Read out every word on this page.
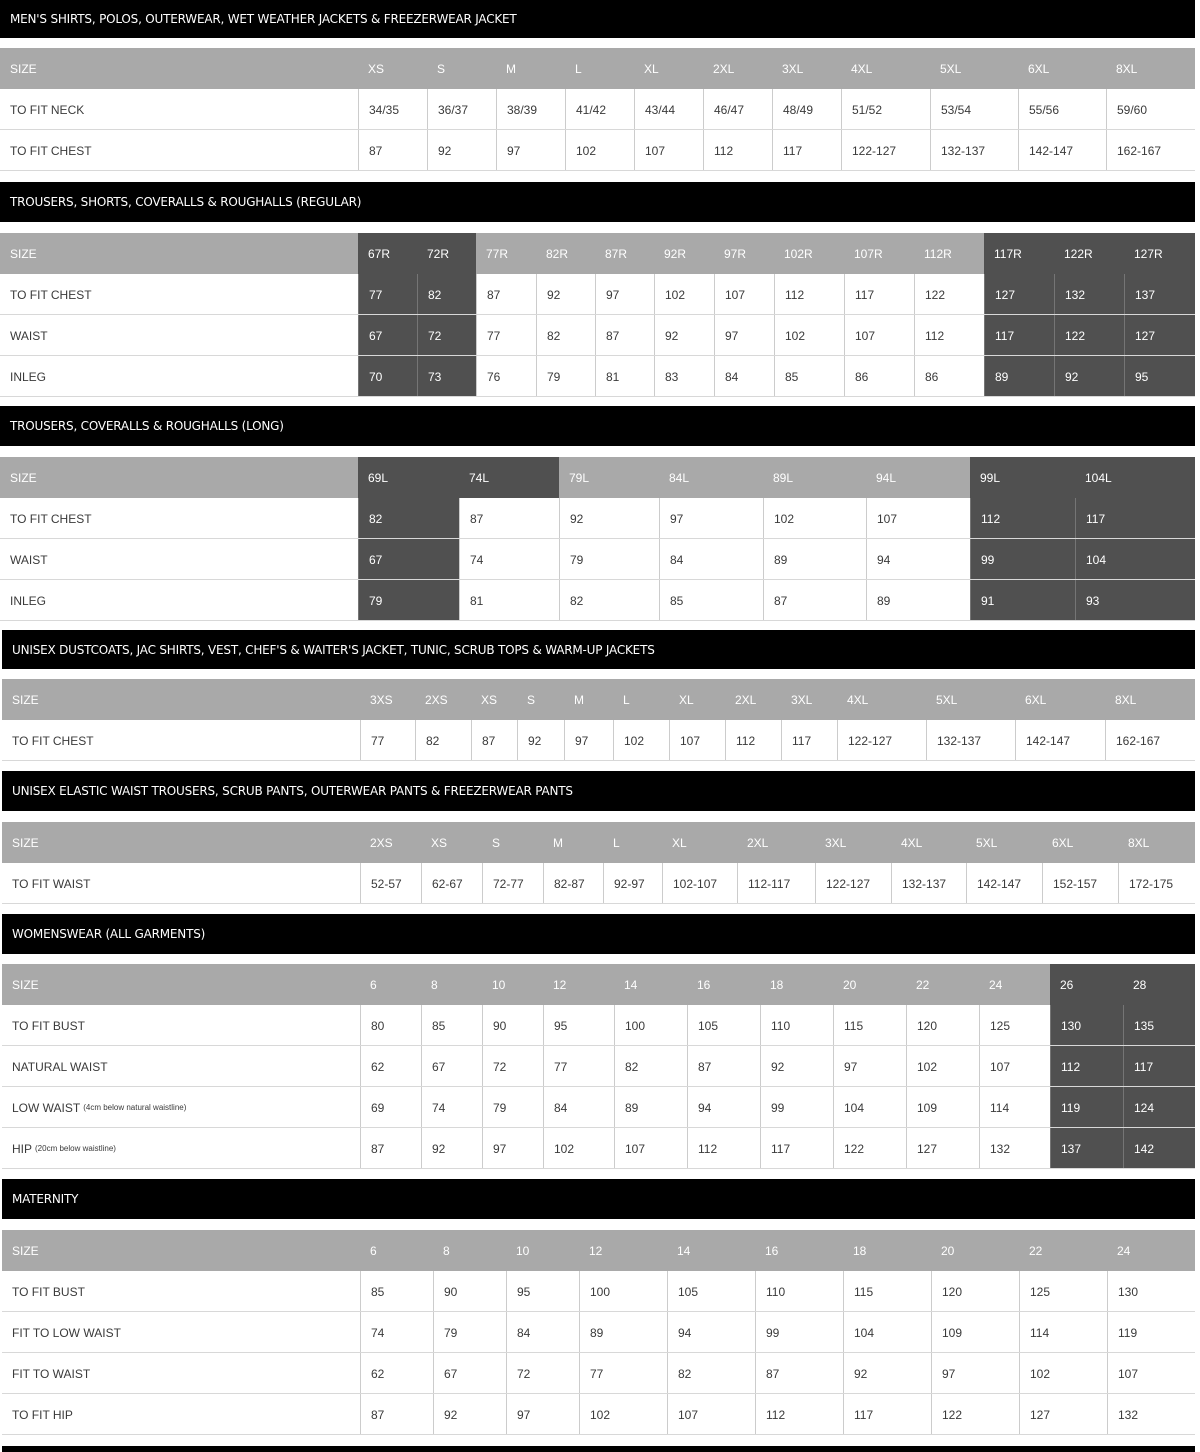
MEN'S SHIRTS, POLOS, OUTERWEAR, WET WEATHER JACKETS & FREEZERWEAR JACKET
SIZE	XS	S	M	L	XL	2XL	3XL	4XL	5XL	6XL	8XL
TO FIT NECK	34/35	36/37	38/39	41/42	43/44	46/47	48/49	51/52	53/54	55/56	59/60
TO FIT CHEST	87	92	97	102	107	112	117	122-127	132-137	142-147	162-167
TROUSERS, SHORTS, COVERALLS & ROUGHALLS (REGULAR)
SIZE	67R	72R	77R	82R	87R	92R	97R	102R	107R	112R	117R	122R	127R
TO FIT CHEST	77	82	87	92	97	102	107	112	117	122	127	132	137
WAIST	67	72	77	82	87	92	97	102	107	112	117	122	127
INLEG	70	73	76	79	81	83	84	85	86	86	89	92	95
TROUSERS, COVERALLS & ROUGHALLS (LONG)
SIZE	69L	74L	79L	84L	89L	94L	99L	104L
TO FIT CHEST	82	87	92	97	102	107	112	117
WAIST	67	74	79	84	89	94	99	104
INLEG	79	81	82	85	87	89	91	93
UNISEX DUSTCOATS, JAC SHIRTS, VEST, CHEF'S & WAITER'S JACKET, TUNIC, SCRUB TOPS & WARM-UP JACKETS
SIZE	3XS	2XS	XS	S	M	L	XL	2XL	3XL	4XL	5XL	6XL	8XL
TO FIT CHEST	77	82	87	92	97	102	107	112	117	122-127	132-137	142-147	162-167
UNISEX ELASTIC WAIST TROUSERS, SCRUB PANTS, OUTERWEAR PANTS & FREEZERWEAR PANTS
SIZE	2XS	XS	S	M	L	XL	2XL	3XL	4XL	5XL	6XL	8XL
TO FIT WAIST	52-57	62-67	72-77	82-87	92-97	102-107	112-117	122-127	132-137	142-147	152-157	172-175
WOMENSWEAR (ALL GARMENTS)
SIZE	6	8	10	12	14	16	18	20	22	24	26	28
TO FIT BUST	80	85	90	95	100	105	110	115	120	125	130	135
NATURAL WAIST	62	67	72	77	82	87	92	97	102	107	112	117
LOW WAIST (4cm below natural waistline)	69	74	79	84	89	94	99	104	109	114	119	124
HIP (20cm below waistline)	87	92	97	102	107	112	117	122	127	132	137	142
MATERNITY
SIZE	6	8	10	12	14	16	18	20	22	24
TO FIT BUST	85	90	95	100	105	110	115	120	125	130
FIT TO LOW WAIST	74	79	84	89	94	99	104	109	114	119
FIT TO WAIST	62	67	72	77	82	87	92	97	102	107
TO FIT HIP	87	92	97	102	107	112	117	122	127	132
